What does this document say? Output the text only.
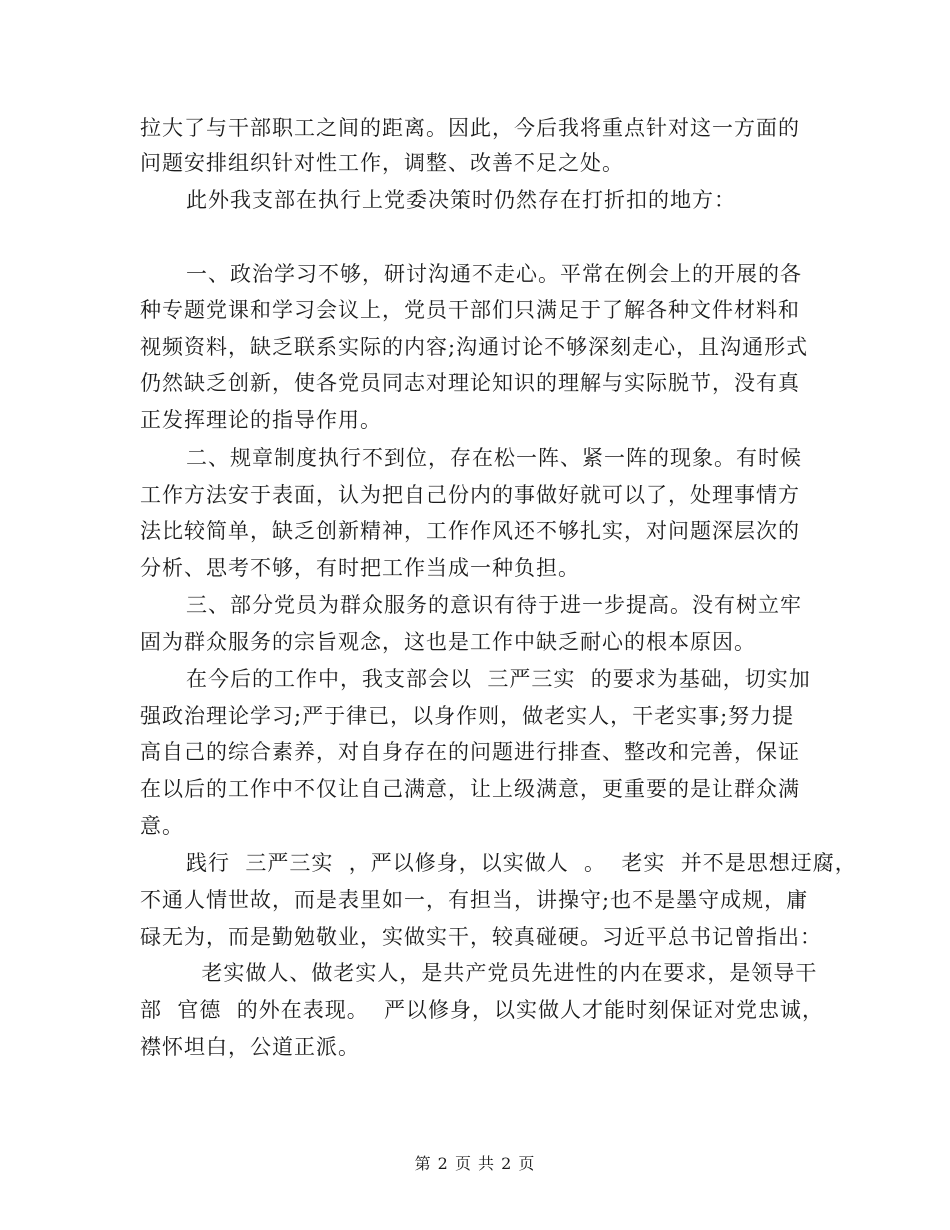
拉大了与干部职工之间的距离。因此，今后我将重点针对这一方面的
问题安排组织针对性工作，调整、改善不足之处。
此外我支部在执行上党委决策时仍然存在打折扣的地方：
一、政治学习不够，研讨沟通不走心。平常在例会上的开展的各
种专题党课和学习会议上，党员干部们只满足于了解各种文件材料和
视频资料，缺乏联系实际的内容;沟通讨论不够深刻走心，且沟通形式
仍然缺乏创新，使各党员同志对理论知识的理解与实际脱节，没有真
正发挥理论的指导作用。
二、规章制度执行不到位，存在松一阵、紧一阵的现象。有时候
工作方法安于表面，认为把自己份内的事做好就可以了，处理事情方
法比较简单，缺乏创新精神，工作作风还不够扎实，对问题深层次的
分析、思考不够，有时把工作当成一种负担。
三、部分党员为群众服务的意识有待于进一步提高。没有树立牢
固为群众服务的宗旨观念，这也是工作中缺乏耐心的根本原因。
在今后的工作中，我支部会以  三严三实  的要求为基础，切实加
强政治理论学习;严于律已，以身作则，做老实人，干老实事;努力提
高自己的综合素养，对自身存在的问题进行排查、整改和完善，保证
在以后的工作中不仅让自己满意，让上级满意，更重要的是让群众满
意。
践行  三严三实  ，严以修身，以实做人  。  老实  并不是思想迂腐，
不通人情世故，而是表里如一，有担当，讲操守;也不是墨守成规，庸
碌无为，而是勤勉敬业，实做实干，较真碰硬。习近平总书记曾指出：
老实做人、做老实人，是共产党员先进性的内在要求，是领导干
部  官德  的外在表现。  严以修身，以实做人才能时刻保证对党忠诚，
襟怀坦白，公道正派。
第 2 页 共 2 页
